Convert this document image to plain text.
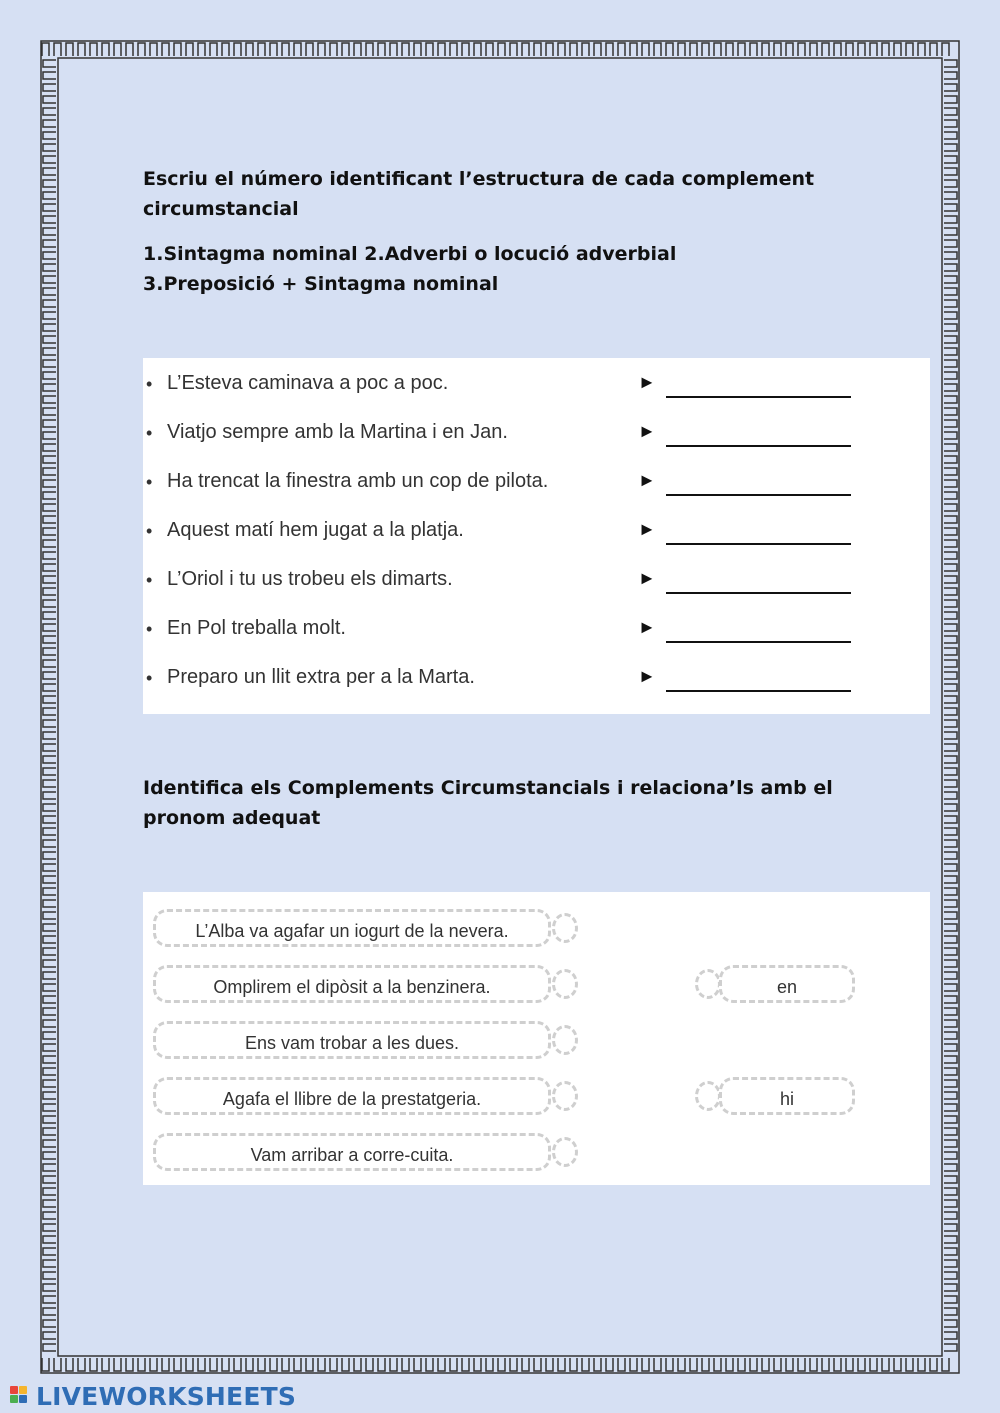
Escriu el número identificant l’estructura de cada complement circumstancial
1.Sintagma nominal 2.Adverbi o locució adverbial 3.Preposició + Sintagma nominal
• L’Esteva caminava a poc a poc.	►
• Viatjo sempre amb la Martina i en Jan.	►
• Ha trencat la finestra amb un cop de pilota.	►
• Aquest matí hem jugat a la platja.	►
• L’Oriol i tu us trobeu els dimarts.	►
• En Pol treballa molt.	►
• Preparo un llit extra per a la Marta.	►
Identifica els Complements Circumstancials i relaciona’ls amb el pronom adequat
L’Alba va agafar un iogurt de la nevera.
Omplirem el dipòsit a la benzinera.
Ens vam trobar a les dues.
Agafa el llibre de la prestatgeria.
Vam arribar a corre-cuita.
en
hi
LIVEWORKSHEETS
